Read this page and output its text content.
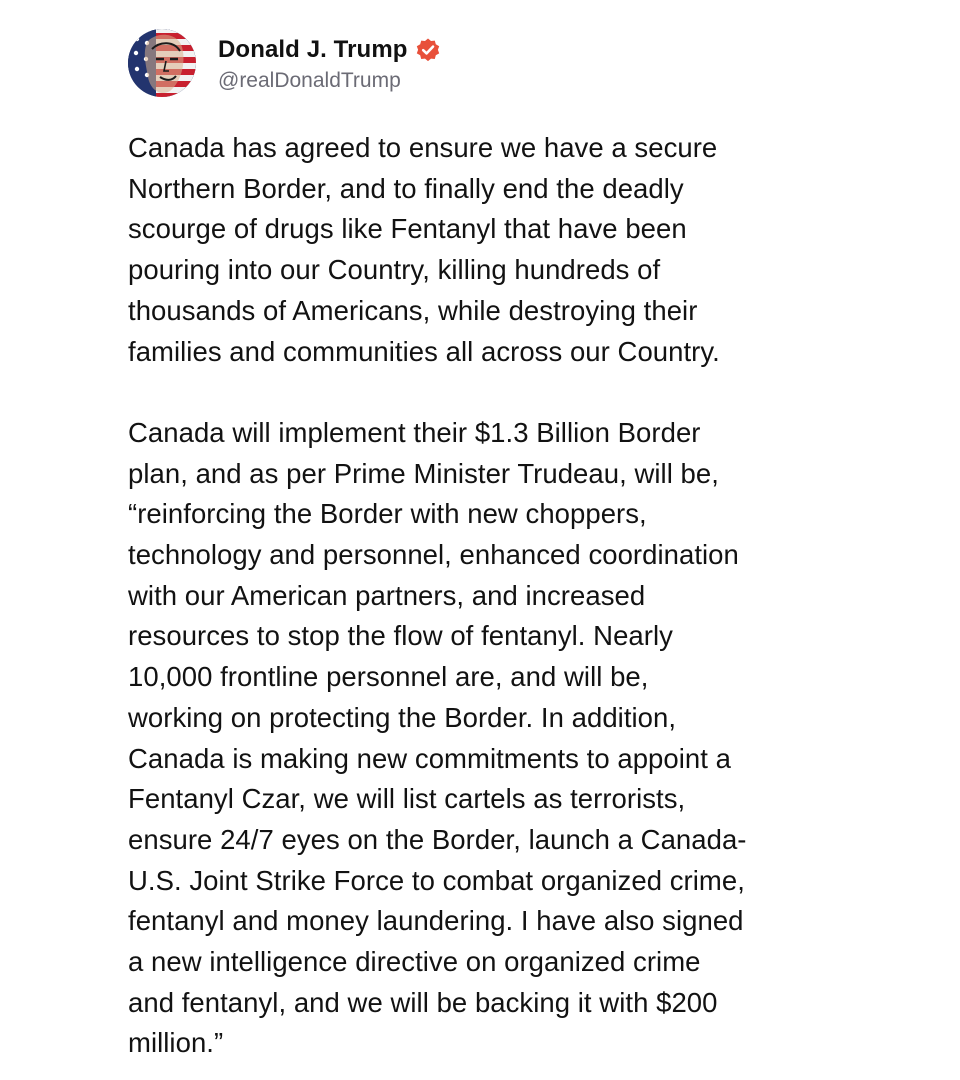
Donald J. Trump
@realDonaldTrump

Canada has agreed to ensure we have a secure
Northern Border, and to finally end the deadly
scourge of drugs like Fentanyl that have been
pouring into our Country, killing hundreds of
thousands of Americans, while destroying their
families and communities all across our Country.

Canada will implement their $1.3 Billion Border
plan, and as per Prime Minister Trudeau, will be,
“reinforcing the Border with new choppers,
technology and personnel, enhanced coordination
with our American partners, and increased
resources to stop the flow of fentanyl. Nearly
10,000 frontline personnel are, and will be,
working on protecting the Border. In addition,
Canada is making new commitments to appoint a
Fentanyl Czar, we will list cartels as terrorists,
ensure 24/7 eyes on the Border, launch a Canada-
U.S. Joint Strike Force to combat organized crime,
fentanyl and money laundering. I have also signed
a new intelligence directive on organized crime
and fentanyl, and we will be backing it with $200
million.”
